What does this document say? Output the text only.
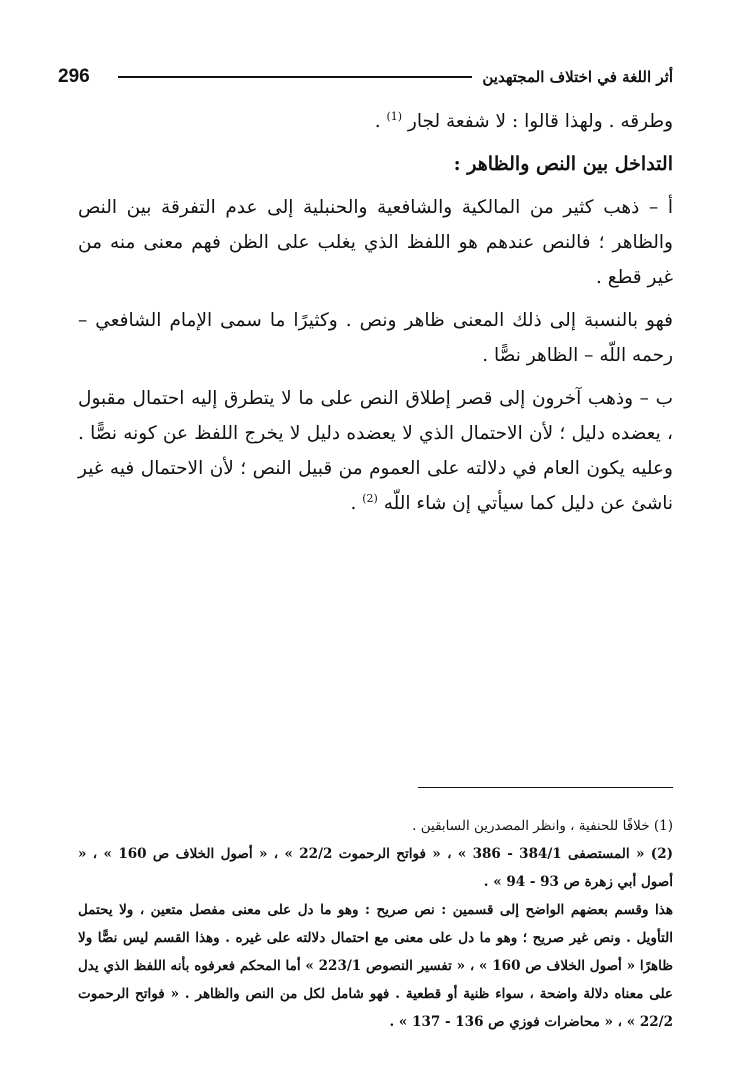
296	أثر اللغة في اختلاف المجتهدين

وطرقه . ولهذا قالوا : لا شفعة لجار $^{(1)}$ .

التداخل بين النص والظاهر :

أ – ذهب كثير من المالكية والشافعية والحنبلية إلى عدم التفرقة بين النص والظاهر ؛ فالنص عندهم هو اللفظ الذي يغلب على الظن فهم معنى منه من غير قطع .

فهو بالنسبة إلى ذلك المعنى ظاهر ونص . وكثيرًا ما سمى الإمام الشافعي – رحمه اللّه – الظاهر نصًّا .

ب – وذهب آخرون إلى قصر إطلاق النص على ما لا يتطرق إليه احتمال مقبول ، يعضده دليل ؛ لأن الاحتمال الذي لا يعضده دليل لا يخرج اللفظ عن كونه نصًّا . وعليه يكون العام في دلالته على العموم من قبيل النص ؛ لأن الاحتمال فيه غير ناشئ عن دليل كما سيأتي إن شاء اللّه $^{(2)}$ .

(1) خلافًا للحنفية ، وانظر المصدرين السابقين .

(2) « المستصفى 384/1 - 386 » ، « فواتح الرحموت 22/2 » ، « أصول الخلاف ص 160 » ، « أصول أبي زهرة ص 93 - 94 » .

هذا وقسم بعضهم الواضح إلى قسمين : نص صريح : وهو ما دل على معنى مفصل متعين ، ولا يحتمل التأويل . ونص غير صريح ؛ وهو ما دل على معنى مع احتمال دلالته على غيره . وهذا القسم ليس نصًّا ولا ظاهرًا « أصول الخلاف ص 160 » ، « تفسير النصوص 223/1 » أما المحكم فعرفوه بأنه اللفظ الذي يدل على معناه دلالة واضحة ، سواء ظنية أو قطعية . فهو شامل لكل من النص والظاهر . « فواتح الرحموت 22/2 » ، « محاضرات فوزي ص 136 - 137 » .
